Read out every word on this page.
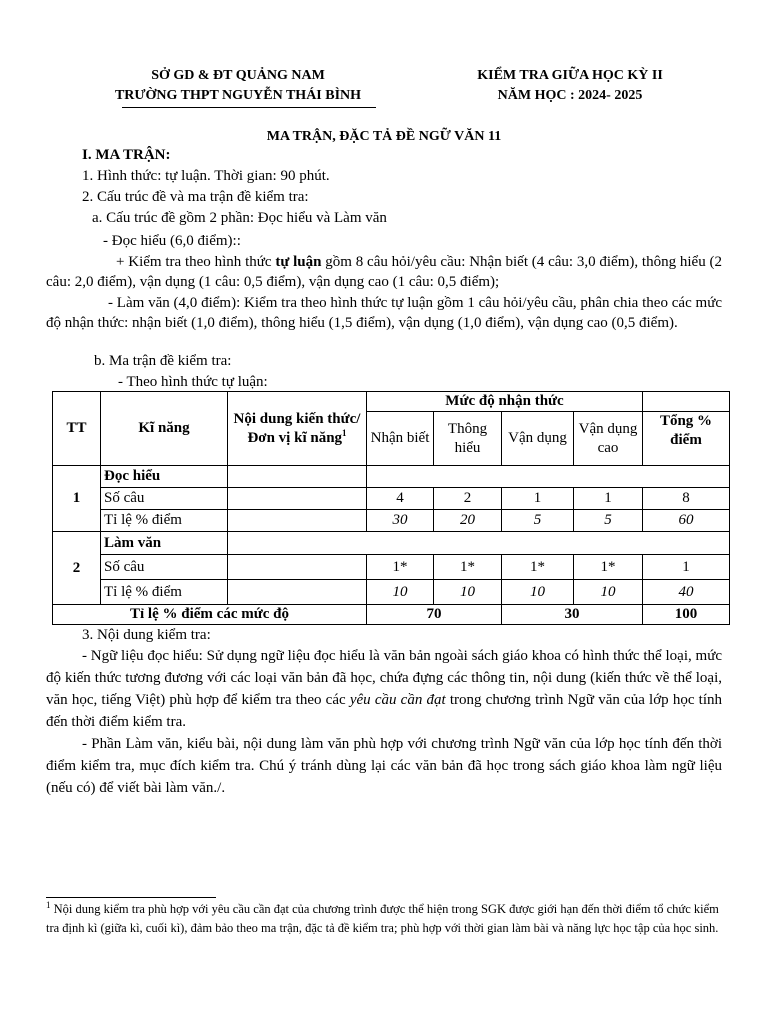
SỞ GD & ĐT QUẢNG NAM
TRƯỜNG THPT NGUYỄN THÁI BÌNH
KIỂM TRA GIỮA HỌC KỲ II
NĂM HỌC : 2024- 2025
MA TRẬN, ĐẶC TẢ ĐỀ NGỮ VĂN 11
I. MA TRẬN:
1. Hình thức: tự luận. Thời gian: 90 phút.
2. Cấu trúc đề và ma trận đề kiểm tra:
a. Cấu trúc đề gồm 2 phần: Đọc hiểu và Làm văn
- Đọc hiểu (6,0 điểm)::
+ Kiểm tra theo hình thức tự luận gồm 8 câu hỏi/yêu cầu: Nhận biết (4 câu: 3,0 điểm), thông hiểu (2 câu: 2,0 điểm), vận dụng (1 câu: 0,5 điểm), vận dụng cao (1 câu: 0,5 điểm);
- Làm văn (4,0 điểm): Kiểm tra theo hình thức tự luận gồm 1 câu hỏi/yêu cầu, phân chia theo các mức độ nhận thức: nhận biết (1,0 điểm), thông hiểu (1,5 điểm), vận dụng (1,0 điểm), vận dụng cao (0,5 điểm).
b. Ma trận đề kiểm tra:
- Theo hình thức tự luận:
TT	Kĩ năng	Nội dung kiến thức/Đơn vị kĩ năng$^1$	Mức độ nhận thức				
			Nhận biết	Thông hiểu	Vận dụng	Vận dụng cao	Tổng % điểm
1	Đọc hiểu						
	Số câu		4	2	1	1	8
	Tỉ lệ % điểm		30	20	5	5	60
2	Làm văn						
	Số câu		1*	1*	1*	1*	1
	Tỉ lệ % điểm		10	10	10	10	40
Tỉ lệ % điểm các mức độ			70		30		100
3. Nội dung kiểm tra:
- Ngữ liệu đọc hiểu: Sử dụng ngữ liệu đọc hiểu là văn bản ngoài sách giáo khoa có hình thức thể loại, mức độ kiến thức tương đương với các loại văn bản đã học, chứa đựng các thông tin, nội dung (kiến thức về thể loại, văn học, tiếng Việt) phù hợp để kiểm tra theo các yêu cầu cần đạt trong chương trình Ngữ văn của lớp học tính đến thời điểm kiểm tra.
- Phần Làm văn, kiểu bài, nội dung làm văn phù hợp với chương trình Ngữ văn của lớp học tính đến thời điểm kiểm tra, mục đích kiểm tra. Chú ý tránh dùng lại các văn bản đã học trong sách giáo khoa làm ngữ liệu (nếu có) để viết bài làm văn./.
$^1$ Nội dung kiểm tra phù hợp với yêu cầu cần đạt của chương trình được thể hiện trong SGK được giới hạn đến thời điểm tổ chức kiểm tra định kì (giữa kì, cuối kì), đảm bảo theo ma trận, đặc tả đề kiểm tra; phù hợp với thời gian làm bài và năng lực học tập của học sinh.
